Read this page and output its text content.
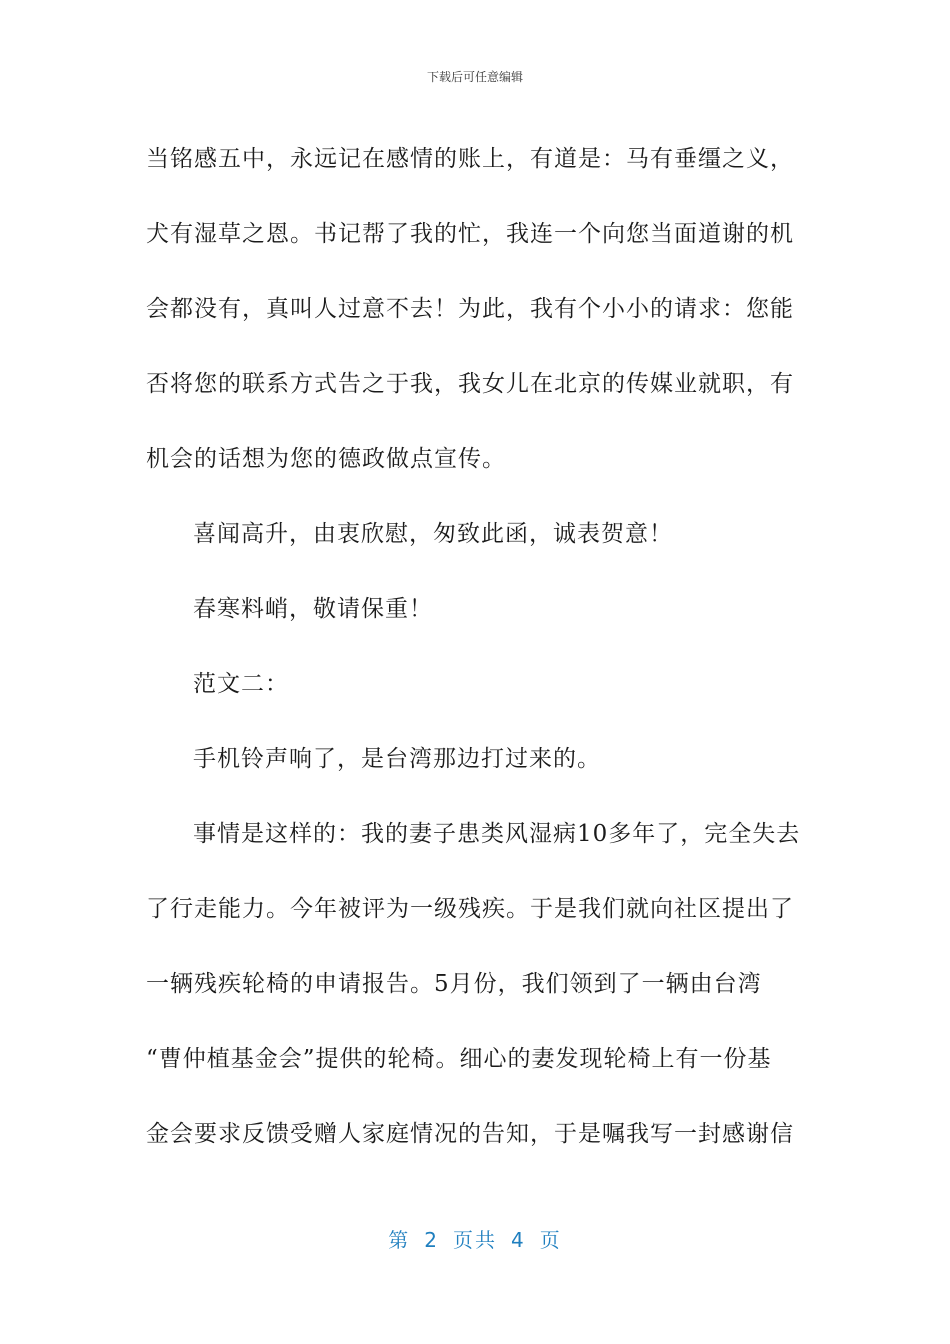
下载后可任意编辑
当铭感五中，永远记在感情的账上，有道是：马有垂缰之义，
犬有湿草之恩。书记帮了我的忙，我连一个向您当面道谢的机
会都没有，真叫人过意不去！为此，我有个小小的请求：您能
否将您的联系方式告之于我，我女儿在北京的传媒业就职，有
机会的话想为您的德政做点宣传。
喜闻高升，由衷欣慰，匆致此函，诚表贺意！
春寒料峭，敬请保重！
范文二：
手机铃声响了，是台湾那边打过来的。
事情是这样的：我的妻子患类风湿病10多年了，完全失去
了行走能力。今年被评为一级残疾。于是我们就向社区提出了
一辆残疾轮椅的申请报告。5月份，我们领到了一辆由台湾
“曹仲植基金会”提供的轮椅。细心的妻发现轮椅上有一份基
金会要求反馈受赠人家庭情况的告知，于是嘱我写一封感谢信
第 2 页共 4 页
